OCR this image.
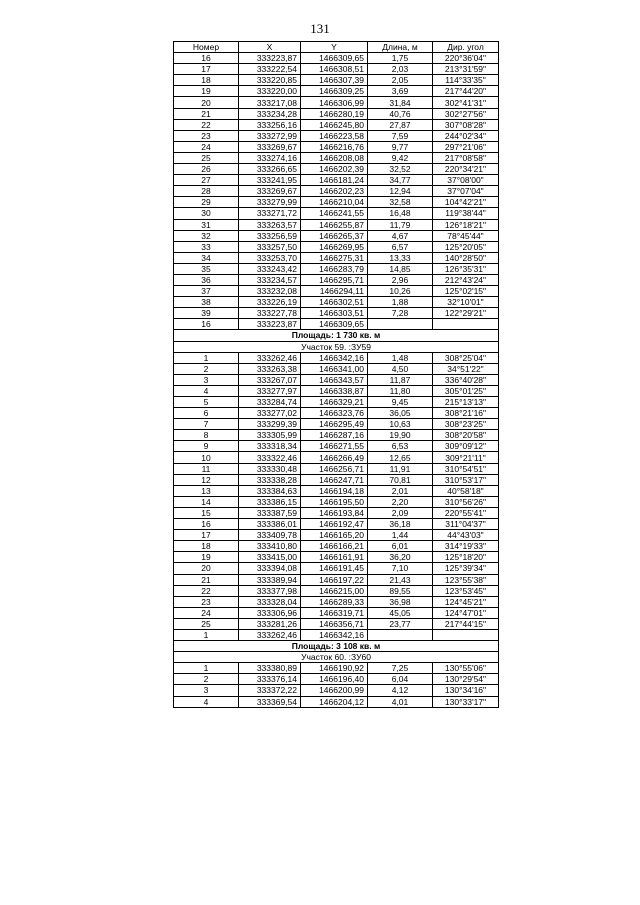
131
Номер	X	Y	Длина, м	Дир. угол
16	333223,87	1466309,65	1,75	220°36'04"
17	333222,54	1466308,51	2,03	213°31'59"
18	333220,85	1466307,39	2,05	114°33'35"
19	333220,00	1466309,25	3,69	217°44'20"
20	333217,08	1466306,99	31,84	302°41'31"
21	333234,28	1466280,19	40,76	302°27'56"
22	333256,16	1466245,80	27,87	307°08'28"
23	333272,99	1466223,58	7,59	244°02'34"
24	333269,67	1466216,76	9,77	297°21'06"
25	333274,16	1466208,08	9,42	217°08'58"
26	333266,65	1466202,39	32,52	220°34'21"
27	333241,95	1466181,24	34,77	37°08'00"
28	333269,67	1466202,23	12,94	37°07'04"
29	333279,99	1466210,04	32,58	104°42'21"
30	333271,72	1466241,55	16,48	119°38'44"
31	333263,57	1466255,87	11,79	126°18'21"
32	333256,59	1466265,37	4,67	78°45'44"
33	333257,50	1466269,95	6,57	125°20'05"
34	333253,70	1466275,31	13,33	140°28'50"
35	333243,42	1466283,79	14,85	126°35'31"
36	333234,57	1466295,71	2,96	212°43'24"
37	333232,08	1466294,11	10,26	125°02'15"
38	333226,19	1466302,51	1,88	32°10'01"
39	333227,78	1466303,51	7,28	122°29'21"
16	333223,87	1466309,65		
Площадь: 1 730 кв. м				
Участок 59. :ЗУ59				
1	333262,46	1466342,16	1,48	308°25'04"
2	333263,38	1466341,00	4,50	34°51'22"
3	333267,07	1466343,57	11,87	336°40'28"
4	333277,97	1466338,87	11,80	305°01'25"
5	333284,74	1466329,21	9,45	215°13'13"
6	333277,02	1466323,76	36,05	308°21'16"
7	333299,39	1466295,49	10,63	308°23'25"
8	333305,99	1466287,16	19,90	308°20'58"
9	333318,34	1466271,55	6,53	309°09'12"
10	333322,46	1466266,49	12,65	309°21'11"
11	333330,48	1466256,71	11,91	310°54'51"
12	333338,28	1466247,71	70,81	310°53'17"
13	333384,63	1466194,18	2,01	40°58'18"
14	333386,15	1466195,50	2,20	310°56'26"
15	333387,59	1466193,84	2,09	220°55'41"
16	333386,01	1466192,47	36,18	311°04'37"
17	333409,78	1466165,20	1,44	44°43'03"
18	333410,80	1466166,21	6,01	314°19'33"
19	333415,00	1466161,91	36,20	125°18'20"
20	333394,08	1466191,45	7,10	125°39'34"
21	333389,94	1466197,22	21,43	123°55'38"
22	333377,98	1466215,00	89,55	123°53'45"
23	333328,04	1466289,33	36,98	124°45'21"
24	333306,96	1466319,71	45,05	124°47'01"
25	333281,26	1466356,71	23,77	217°44'15"
1	333262,46	1466342,16		
Площадь: 3 108 кв. м				
Участок 60. :ЗУ60				
1	333380,89	1466190,92	7,25	130°55'06"
2	333376,14	1466196,40	6,04	130°29'54"
3	333372,22	1466200,99	4,12	130°34'16"
4	333369,54	1466204,12	4,01	130°33'17"
